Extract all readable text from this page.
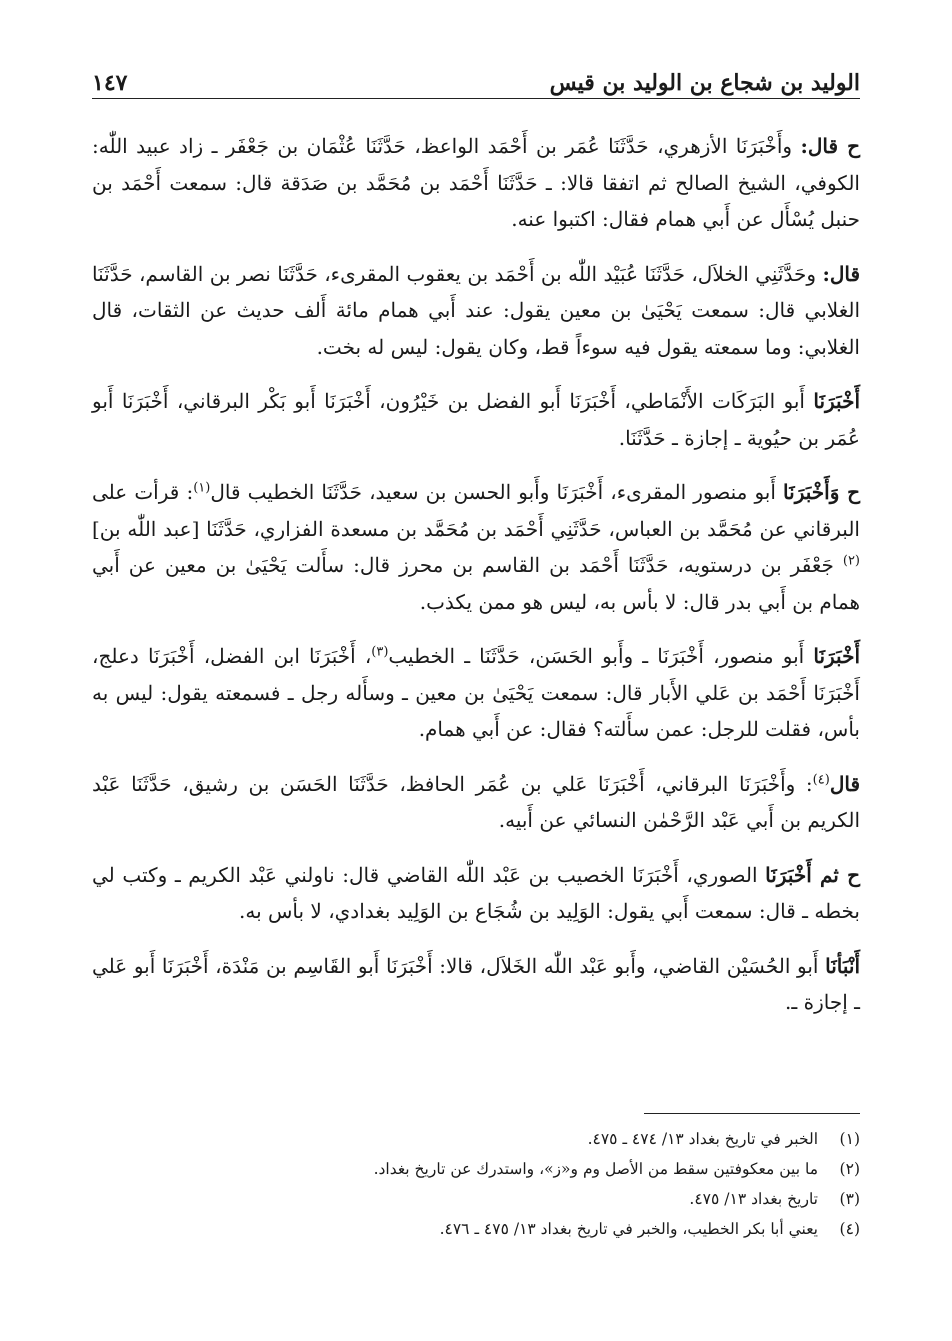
الوليد بن شجاع بن الوليد بن قيس
١٤٧

ح قال: وأَخْبَرَنَا الأزهري، حَدَّثَنَا عُمَر بن أَحْمَد الواعظ، حَدَّثَنَا عُثْمَان بن جَعْفَر ـ زاد عبيد اللّٰه: الكوفي، الشيخ الصالح ثم اتفقا قالا: ـ حَدَّثَنَا أَحْمَد بن مُحَمَّد بن صَدَقة قال: سمعت أَحْمَد بن حنبل يُسْأَل عن أَبي همام فقال: اكتبوا عنه.

قال: وحَدَّثَنِي الخلاَل، حَدَّثَنَا عُبَيْد اللّٰه بن أَحْمَد بن يعقوب المقرىء، حَدَّثَنَا نصر بن القاسم، حَدَّثَنَا الغلابي قال: سمعت يَحْيَىٰ بن معين يقول: عند أَبي همام مائة أَلف حديث عن الثقات، قال الغلابي: وما سمعته يقول فيه سوءاً قط، وكان يقول: ليس له بخت.

أَخْبَرَنَا أَبو البَرَكَات الأَنْمَاطي، أَخْبَرَنَا أَبو الفضل بن خَيْرُون، أَخْبَرَنَا أَبو بَكْر البرقاني، أَخْبَرَنَا أَبو عُمَر بن حيُوية ـ إجازة ـ حَدَّثَنَا.

ح وَأَخْبَرَنَا أَبو منصور المقرىء، أَخْبَرَنَا وأَبو الحسن بن سعيد، حَدَّثَنَا الخطيب قال$^{(١)}$: قرأت على البرقاني عن مُحَمَّد بن العباس، حَدَّثَنِي أَحْمَد بن مُحَمَّد بن مسعدة الفزاري، حَدَّثَنَا [عبد اللّٰه بن]$^{(٢)}$ جَعْفَر بن درستويه، حَدَّثَنَا أَحْمَد بن القاسم بن محرز قال: سأَلت يَحْيَىٰ بن معين عن أَبي همام بن أَبي بدر قال: لا بأس به، ليس هو ممن يكذب.

أَخْبَرَنَا أَبو منصور، أَخْبَرَنَا ـ وأَبو الحَسَن، حَدَّثَنَا ـ الخطيب$^{(٣)}$، أَخْبَرَنَا ابن الفضل، أَخْبَرَنَا دعلج، أَخْبَرَنَا أَحْمَد بن عَلي الأَبار قال: سمعت يَحْيَىٰ بن معين ـ وسأَله رجل ـ فسمعته يقول: ليس به بأس، فقلت للرجل: عمن سأَلته؟ فقال: عن أَبي همام.

قال$^{(٤)}$: وأَخْبَرَنَا البرقاني، أَخْبَرَنَا عَلي بن عُمَر الحافظ، حَدَّثَنَا الحَسَن بن رشيق، حَدَّثَنَا عَبْد الكريم بن أَبي عَبْد الرَّحْمٰن النسائي عن أَبيه.

ح ثم أَخْبَرَنَا الصوري، أَخْبَرَنَا الخصيب بن عَبْد اللّٰه القاضي قال: ناولني عَبْد الكريم ـ وكتب لي بخطه ـ قال: سمعت أَبي يقول: الوَلِيد بن شُجَاع بن الوَلِيد بغدادي، لا بأس به.

أَنْبَأنَا أَبو الحُسَيْن القاضي، وأَبو عَبْد اللّٰه الخَلاَل، قالا: أَخْبَرَنَا أَبو القَاسِم بن مَنْدَة، أَخْبَرَنَا أَبو عَلي ـ إجازة ـ.

(١)
الخبر في تاريخ بغداد ١٣/ ٤٧٤ ـ ٤٧٥.
(٢)
ما بين معكوفتين سقط من الأصل وم و«ز»، واستدرك عن تاريخ بغداد.
(٣)
تاريخ بغداد ١٣/ ٤٧٥.
(٤)
يعني أبا بكر الخطيب، والخبر في تاريخ بغداد ١٣/ ٤٧٥ ـ ٤٧٦.
